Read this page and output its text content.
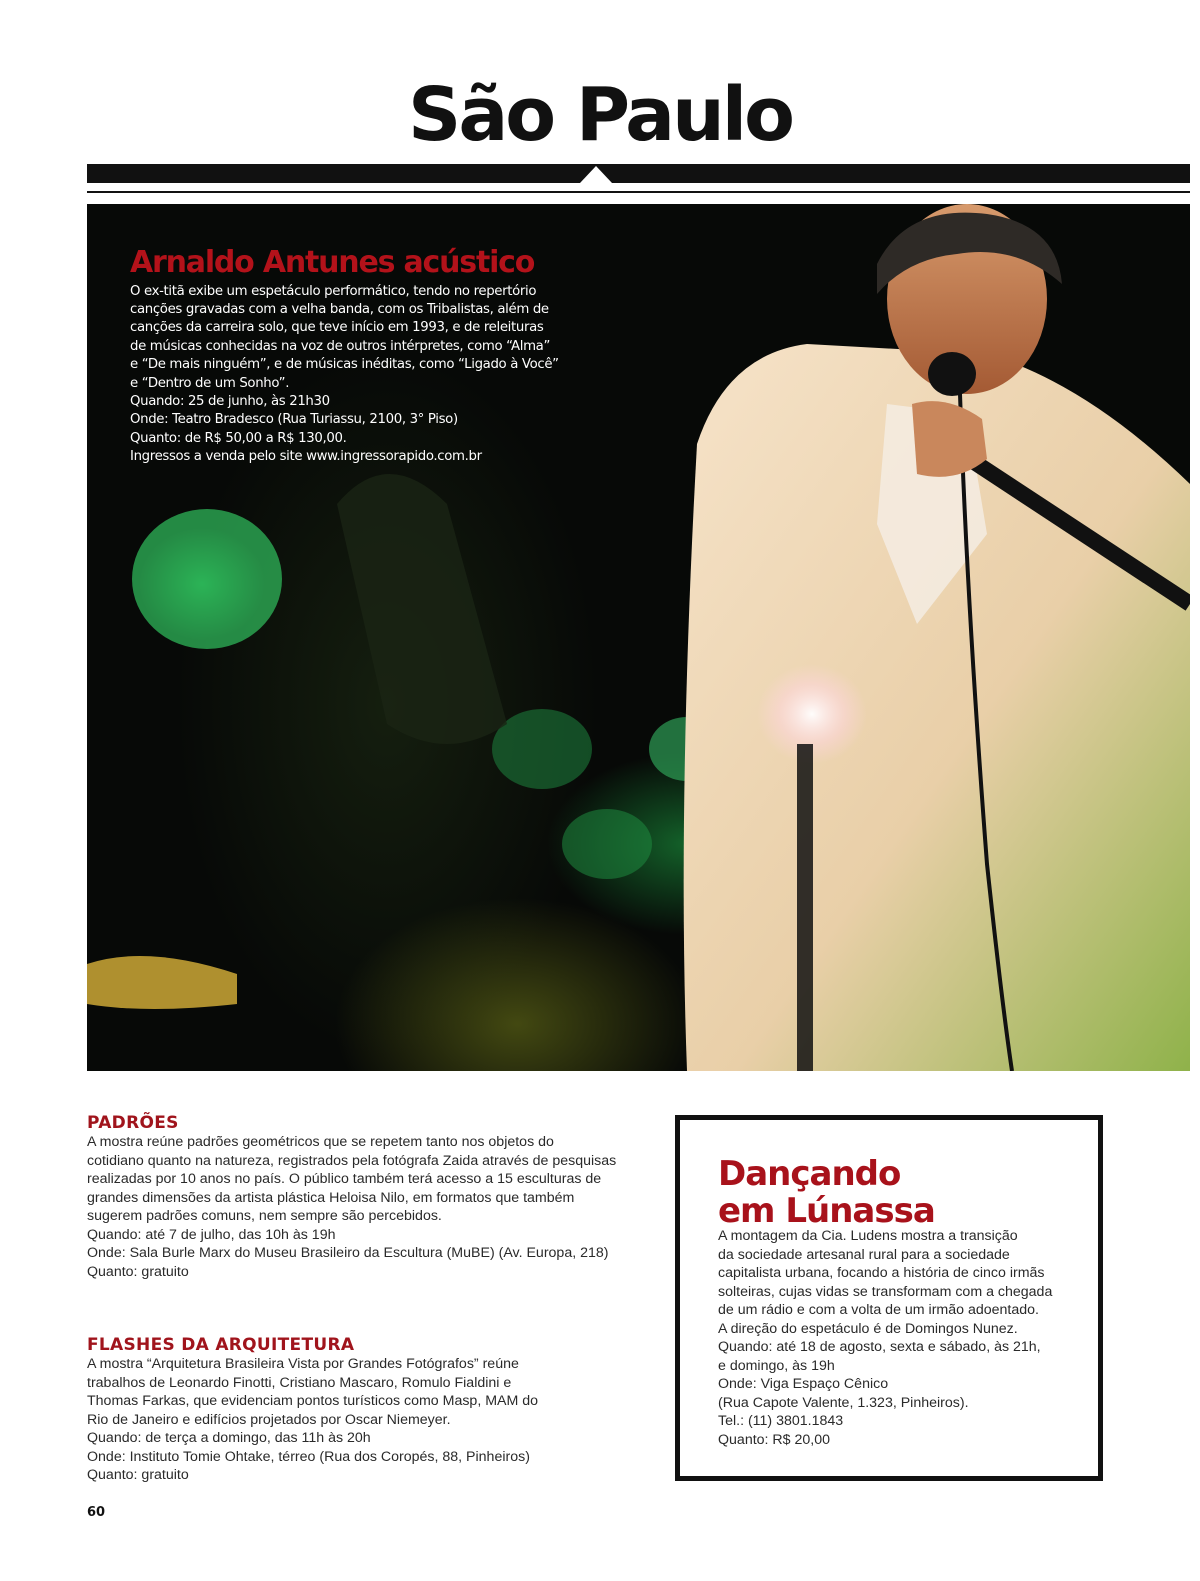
São Paulo
Arnaldo Antunes acústico

O ex-titã exibe um espetáculo performático, tendo no repertório
canções gravadas com a velha banda, com os Tribalistas, além de
canções da carreira solo, que teve início em 1993, e de releituras
de músicas conhecidas na voz de outros intérpretes, como “Alma”
e “De mais ninguém”, e de músicas inéditas, como “Ligado à Você”
e “Dentro de um Sonho”.
Quando: 25 de junho, às 21h30
Onde: Teatro Bradesco (Rua Turiassu, 2100, 3° Piso)
Quanto: de R$ 50,00 a R$ 130,00.
Ingressos a venda pelo site www.ingressorapido.com.br

PADRÕES

A mostra reúne padrões geométricos que se repetem tanto nos objetos do
cotidiano quanto na natureza, registrados pela fotógrafa Zaida através de pesquisas
realizadas por 10 anos no país. O público também terá acesso a 15 esculturas de
grandes dimensões da artista plástica Heloisa Nilo, em formatos que também
sugerem padrões comuns, nem sempre são percebidos.
Quando: até 7 de julho, das 10h às 19h
Onde: Sala Burle Marx do Museu Brasileiro da Escultura (MuBE) (Av. Europa, 218)
Quanto: gratuito

FLASHES DA ARQUITETURA

A mostra “Arquitetura Brasileira Vista por Grandes Fotógrafos” reúne
trabalhos de Leonardo Finotti, Cristiano Mascaro, Romulo Fialdini e
Thomas Farkas, que evidenciam pontos turísticos como Masp, MAM do
Rio de Janeiro e edifícios projetados por Oscar Niemeyer.
Quando: de terça a domingo, das 11h às 20h
Onde: Instituto Tomie Ohtake, térreo (Rua dos Coropés, 88, Pinheiros)
Quanto: gratuito

Dançando
em Lúnassa

A montagem da Cia. Ludens mostra a transição
da sociedade artesanal rural para a sociedade
capitalista urbana, focando a história de cinco irmãs
solteiras, cujas vidas se transformam com a chegada
de um rádio e com a volta de um irmão adoentado.
A direção do espetáculo é de Domingos Nunez.
Quando: até 18 de agosto, sexta e sábado, às 21h,
e domingo, às 19h
Onde: Viga Espaço Cênico
(Rua Capote Valente, 1.323, Pinheiros).
Tel.: (11) 3801.1843
Quanto: R$ 20,00

60
